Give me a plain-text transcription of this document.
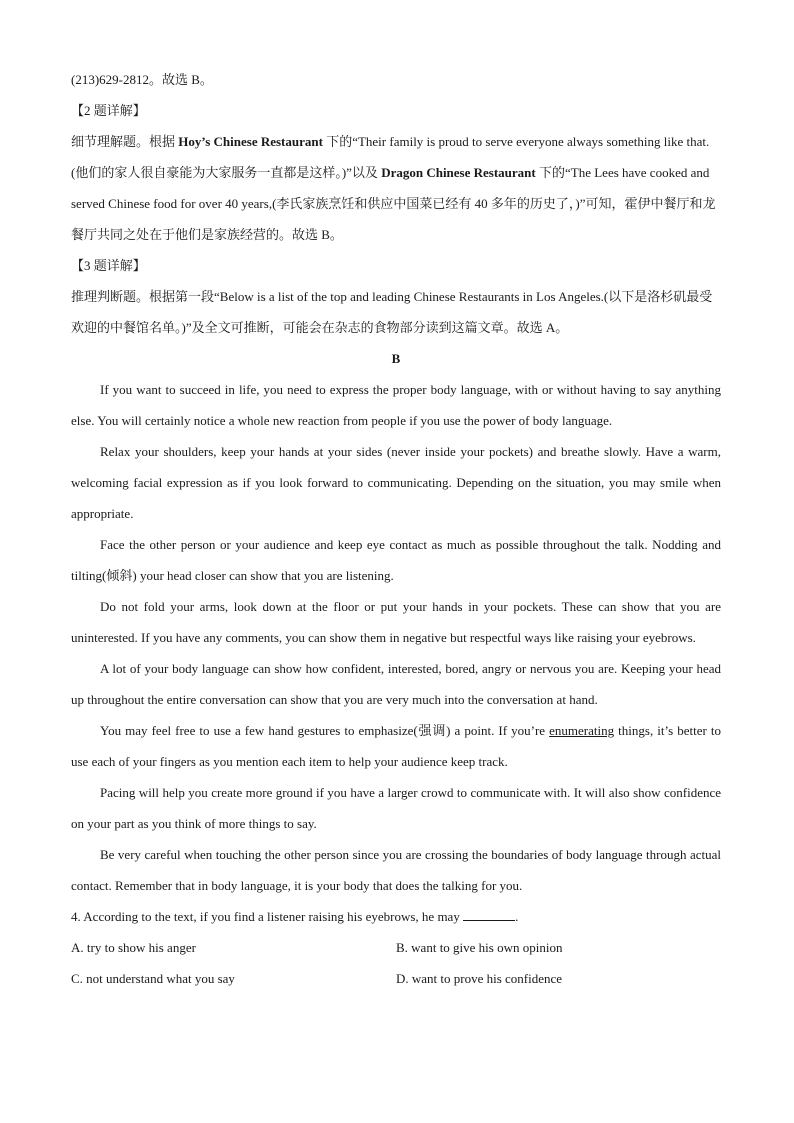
(213)629-2812。故选 B。

【2 题详解】

细节理解题。根据 Hoy’s Chinese Restaurant 下的“Their family is proud to serve everyone always something like that.(他们的家人很自豪能为大家服务一直都是这样。)”以及 Dragon Chinese Restaurant 下的“The Lees have cooked and served Chinese food for over 40 years,(李氏家族烹饪和供应中国菜已经有 40 多年的历史了，)”可知，霍伊中餐厅和龙餐厅共同之处在于他们是家族经营的。故选 B。

【3 题详解】

推理判断题。根据第一段“Below is a list of the top and leading Chinese Restaurants in Los Angeles.(以下是洛杉矶最受欢迎的中餐馆名单。)”及全文可推断，可能会在杂志的食物部分读到这篇文章。故选 A。

B

If you want to succeed in life, you need to express the proper body language, with or without having to say anything else. You will certainly notice a whole new reaction from people if you use the power of body language.

Relax your shoulders, keep your hands at your sides (never inside your pockets) and breathe slowly. Have a warm, welcoming facial expression as if you look forward to communicating. Depending on the situation, you may smile when appropriate.

Face the other person or your audience and keep eye contact as much as possible throughout the talk. Nodding and tilting(倾斜) your head closer can show that you are listening.

Do not fold your arms, look down at the floor or put your hands in your pockets. These can show that you are uninterested. If you have any comments, you can show them in negative but respectful ways like raising your eyebrows.

A lot of your body language can show how confident, interested, bored, angry or nervous you are. Keeping your head up throughout the entire conversation can show that you are very much into the conversation at hand.

You may feel free to use a few hand gestures to emphasize(强调) a point. If you’re enumerating things, it’s better to use each of your fingers as you mention each item to help your audience keep track.

Pacing will help you create more ground if you have a larger crowd to communicate with. It will also show confidence on your part as you think of more things to say.

Be very careful when touching the other person since you are crossing the boundaries of body language through actual contact. Remember that in body language, it is your body that does the talking for you.

4. According to the text, if you find a listener raising his eyebrows, he may	.

A. try to show his anger	B. want to give his own opinion
C. not understand what you say	D. want to prove his confidence
